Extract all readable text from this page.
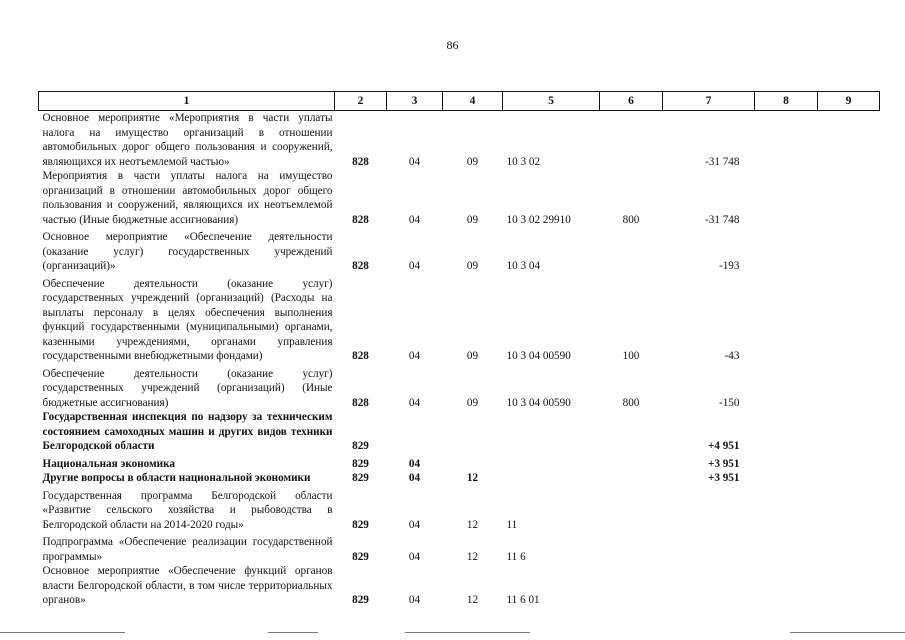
86
1	2	3	4	5	6	7	8	9
Основное мероприятие «Мероприятия в части уплаты налога на имущество организаций в отношении автомобильных дорог общего пользования и сооружений, являющихся их неотъемлемой частью»	828	04	09	10 3 02		-31 748		
Мероприятия в части уплаты налога на имущество организаций в отношении автомобильных дорог общего пользования и сооружений, являющихся их неотъемлемой частью (Иные бюджетные ассигнования)	828	04	09	10 3 02 29910	800	-31 748		
Основное мероприятие «Обеспечение деятельности (оказание услуг) государственных учреждений (организаций)»	828	04	09	10 3 04		-193		
Обеспечение деятельности (оказание услуг) государственных учреждений (организаций) (Расходы на выплаты персоналу в целях обеспечения выполнения функций государственными (муниципальными) органами, казенными учреждениями, органами управления государственными внебюджетными фондами)	828	04	09	10 3 04 00590	100	-43		
Обеспечение деятельности (оказание услуг) государственных учреждений (организаций) (Иные бюджетные ассигнования)	828	04	09	10 3 04 00590	800	-150		
Государственная инспекция по надзору за техническим состоянием самоходных машин и других видов техники Белгородской области	829					+4 951		
Национальная экономика	829	04				+3 951		
Другие вопросы в области национальной экономики	829	04	12			+3 951		
Государственная программа Белгородской области «Развитие сельского хозяйства и рыбоводства в Белгородской области на 2014-2020 годы»	829	04	12	11				
Подпрограмма «Обеспечение реализации государственной программы»	829	04	12	11 6				
Основное мероприятие «Обеспечение функций органов власти Белгородской области, в том числе территориальных органов»	829	04	12	11 6 01				
